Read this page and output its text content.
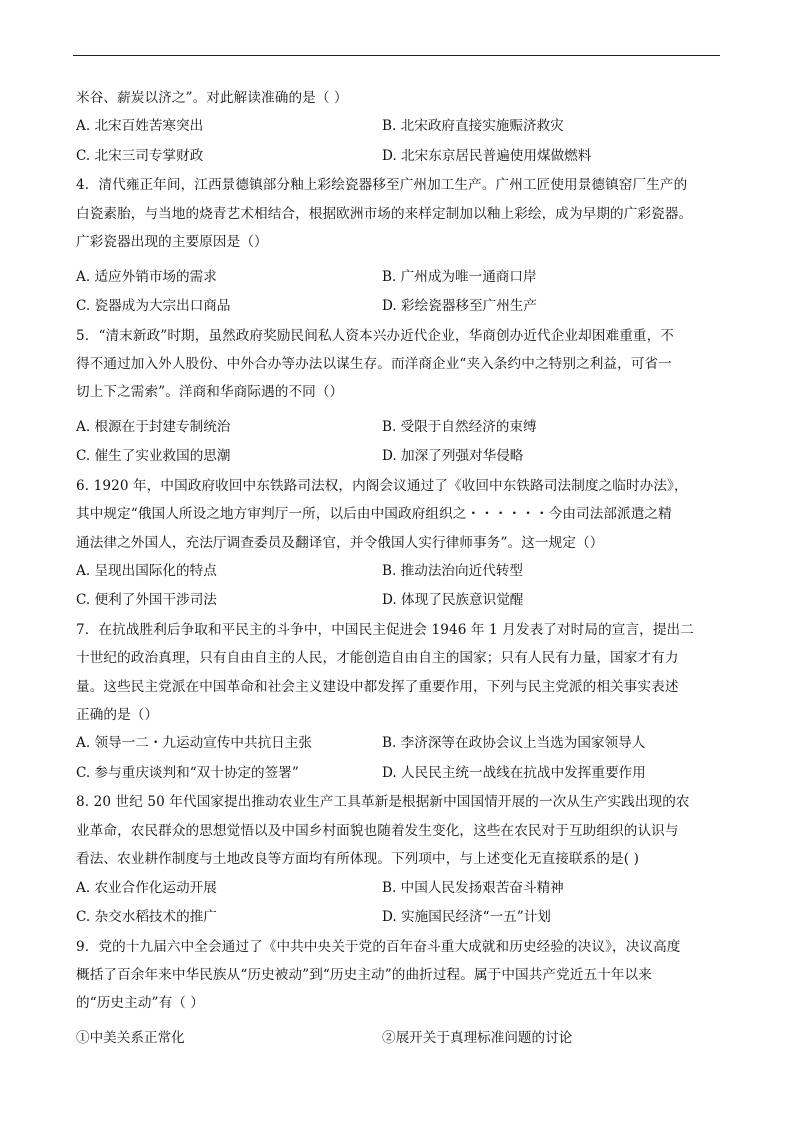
米谷、薪炭以济之”。对此解读准确的是（ ）
A. 北宋百姓苦寒突出	B. 北宋政府直接实施赈济救灾
C. 北宋三司专掌财政	D. 北宋东京居民普遍使用煤做燃料
4．清代雍正年间，江西景德镇部分釉上彩绘瓷器移至广州加工生产。广州工匠使用景德镇窑厂生产的
白瓷素胎，与当地的烧青艺术相结合，根据欧洲市场的来样定制加以釉上彩绘，成为早期的广彩瓷器。
广彩瓷器出现的主要原因是（）
A. 适应外销市场的需求	B. 广州成为唯一通商口岸
C. 瓷器成为大宗出口商品	D. 彩绘瓷器移至广州生产
5．“清末新政”时期，虽然政府奖励民间私人资本兴办近代企业，华商创办近代企业却困难重重，不
得不通过加入外人股份、中外合办等办法以谋生存。而洋商企业“夹入条约中之特别之利益，可省一
切上下之需索”。洋商和华商际遇的不同（）
A. 根源在于封建专制统治	B. 受限于自然经济的束缚
C. 催生了实业救国的思潮	D. 加深了列强对华侵略
6. 1920 年，中国政府收回中东铁路司法权，内阁会议通过了《收回中东铁路司法制度之临时办法》，
其中规定“俄国人所设之地方审判厅一所，以后由中国政府组织之・・・・・・今由司法部派遣之精
通法律之外国人，充法厅调查委员及翻译官，并令俄国人实行律师事务”。这一规定（）
A. 呈现出国际化的特点	B. 推动法治向近代转型
C. 便利了外国干涉司法	D. 体现了民族意识觉醒
7．在抗战胜利后争取和平民主的斗争中，中国民主促进会 1946 年 1 月发表了对时局的宣言，提出二
十世纪的政治真理，只有自由自主的人民，才能创造自由自主的国家；只有人民有力量，国家才有力
量。这些民主党派在中国革命和社会主义建设中都发挥了重要作用，下列与民主党派的相关事实表述
正确的是（）
A. 领导一二・九运动宣传中共抗日主张	B. 李济深等在政协会议上当选为国家领导人
C. 参与重庆谈判和“双十协定的签署”	D. 人民民主统一战线在抗战中发挥重要作用
8. 20 世纪 50 年代国家提出推动农业生产工具革新是根据新中国国情开展的一次从生产实践出现的农
业革命，农民群众的思想觉悟以及中国乡村面貌也随着发生变化，这些在农民对于互助组织的认识与
看法、农业耕作制度与土地改良等方面均有所体现。下列项中，与上述变化无直接联系的是( )
A. 农业合作化运动开展	B. 中国人民发扬艰苦奋斗精神
C. 杂交水稻技术的推广	D. 实施国民经济“一五”计划
9．党的十九届六中全会通过了《中共中央关于党的百年奋斗重大成就和历史经验的决议》，决议高度
概括了百余年来中华民族从“历史被动”到“历史主动”的曲折过程。属于中国共产党近五十年以来
的“历史主动”有（ ）
①中美关系正常化	②展开关于真理标准问题的讨论
